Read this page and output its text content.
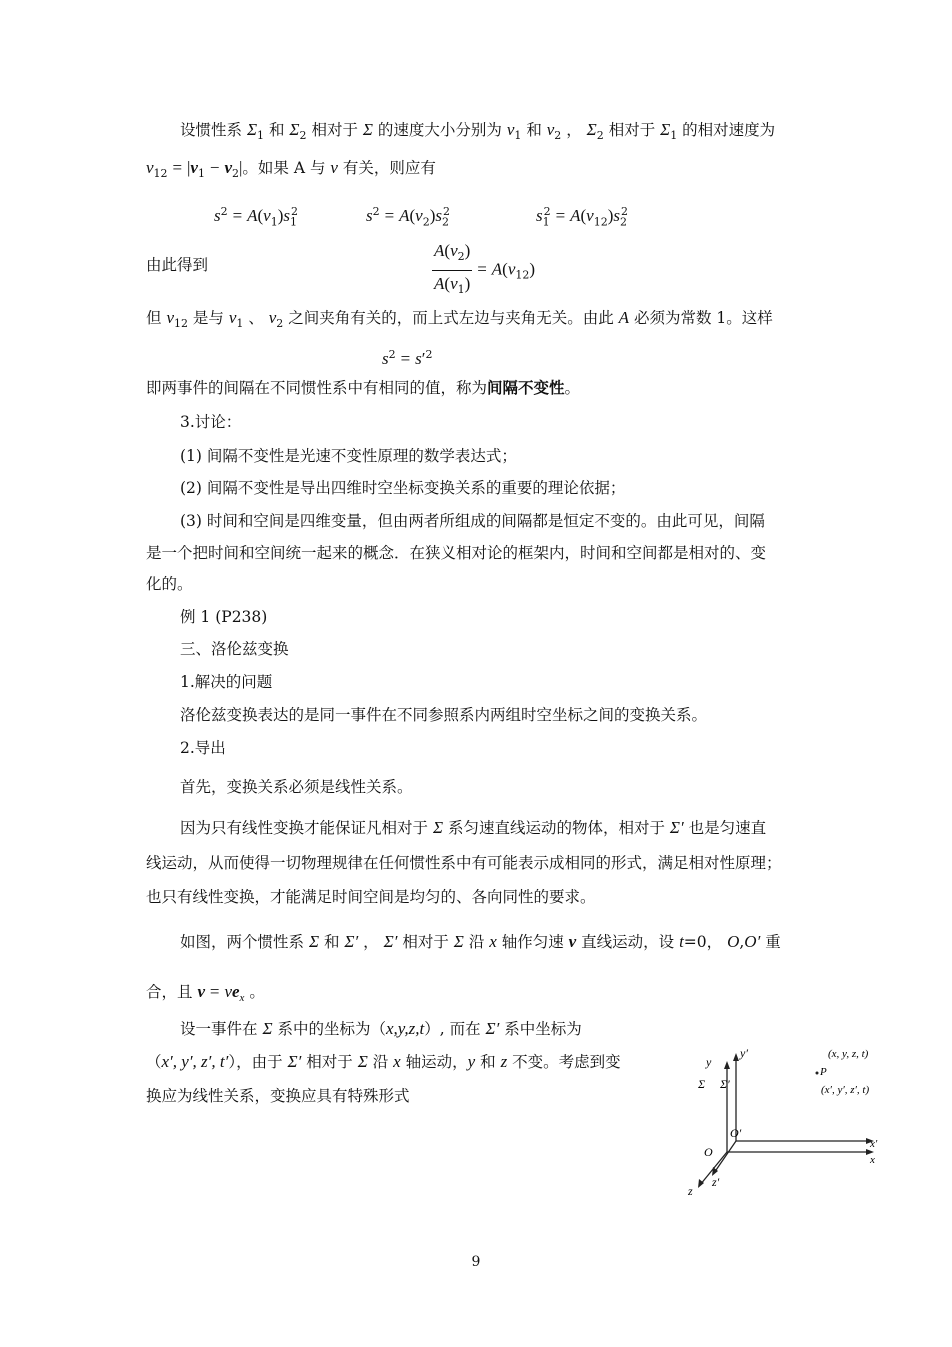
设惯性系 $\Sigma_1$ 和 $\Sigma_2$ 相对于 Σ 的速度大小分别为 $v_1$ 和 $v_2$ ， $\Sigma_2$ 相对于 $\Sigma_1$ 的相对速度为
$v_{12} = |v_1 - v_2|$。如果 A 与 v 有关，则应有
$s^2 = A(v_1)s_1^2$	$s^2 = A(v_2)s_2^2$	$s_1^2 = A(v_{12})s_2^2$
由此得到	$\frac{A(v_2)}{A(v_1)} = A(v_{12})$
但 $v_{12}$ 是与 $v_1$ 、 $v_2$ 之间夹角有关的，而上式左边与夹角无关。由此 A 必须为常数 1。这样
$s^2 = s'^2$
即两事件的间隔在不同惯性系中有相同的值，称为间隔不变性。
3.讨论：
(1) 间隔不变性是光速不变性原理的数学表达式；
(2) 间隔不变性是导出四维时空坐标变换关系的重要的理论依据；
(3) 时间和空间是四维变量，但由两者所组成的间隔都是恒定不变的。由此可见，间隔
是一个把时间和空间统一起来的概念．在狭义相对论的框架内，时间和空间都是相对的、变
化的。
例 1 (P238)
三、洛伦兹变换
1.解决的问题
洛伦兹变换表达的是同一事件在不同参照系内两组时空坐标之间的变换关系。
2.导出
首先，变换关系必须是线性关系。
因为只有线性变换才能保证凡相对于 Σ 系匀速直线运动的物体，相对于 Σ′ 也是匀速直
线运动，从而使得一切物理规律在任何惯性系中有可能表示成相同的形式，满足相对性原理；
也只有线性变换，才能满足时间空间是均匀的、各向同性的要求。
如图，两个惯性系 Σ 和 Σ′ ， Σ′ 相对于 Σ 沿 x 轴作匀速 v 直线运动，设 t=0， O,O′ 重
合，且 $v = ve_x$ 。
设一事件在 Σ 系中的坐标为（x,y,z,t）, 而在 Σ′ 系中坐标为
（x′, y′, z′, t′），由于 Σ′ 相对于 Σ 沿 x 轴运动，y 和 z 不变。考虑到变
换应为线性关系，变换应具有特殊形式
y
y′
Σ Σ′
O
O′
x′
x
z
z′
(x, y, z, t)
P
(x′, y′, z′, t)
9
